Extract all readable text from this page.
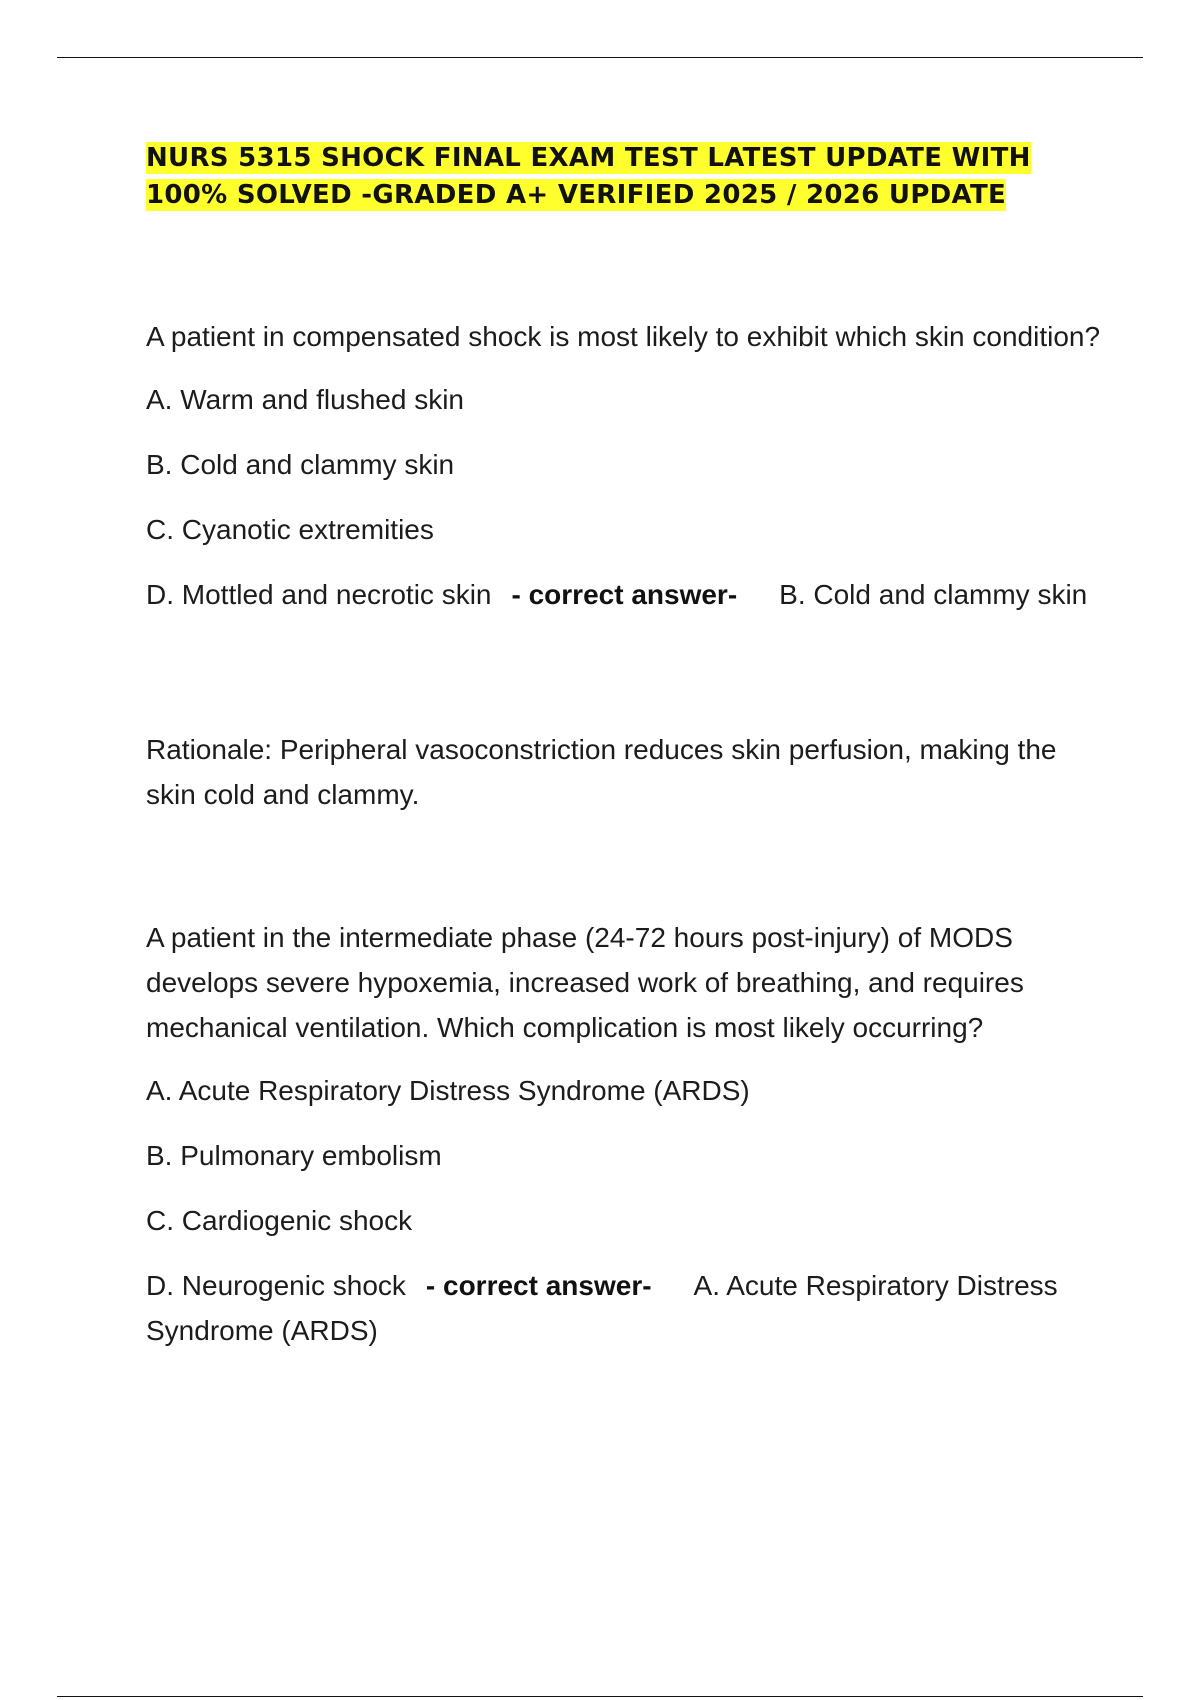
NURS 5315 SHOCK FINAL EXAM TEST LATEST UPDATE WITH
100% SOLVED -GRADED A+ VERIFIED 2025 / 2026 UPDATE

A patient in compensated shock is most likely to exhibit which skin condition?

A. Warm and flushed skin

B. Cold and clammy skin

C. Cyanotic extremities

D. Mottled and necrotic skin - correct answer- B. Cold and clammy skin

Rationale: Peripheral vasoconstriction reduces skin perfusion, making the skin cold and clammy.

A patient in the intermediate phase (24-72 hours post-injury) of MODS develops severe hypoxemia, increased work of breathing, and requires mechanical ventilation. Which complication is most likely occurring?

A. Acute Respiratory Distress Syndrome (ARDS)

B. Pulmonary embolism

C. Cardiogenic shock

D. Neurogenic shock - correct answer- A. Acute Respiratory Distress Syndrome (ARDS)
